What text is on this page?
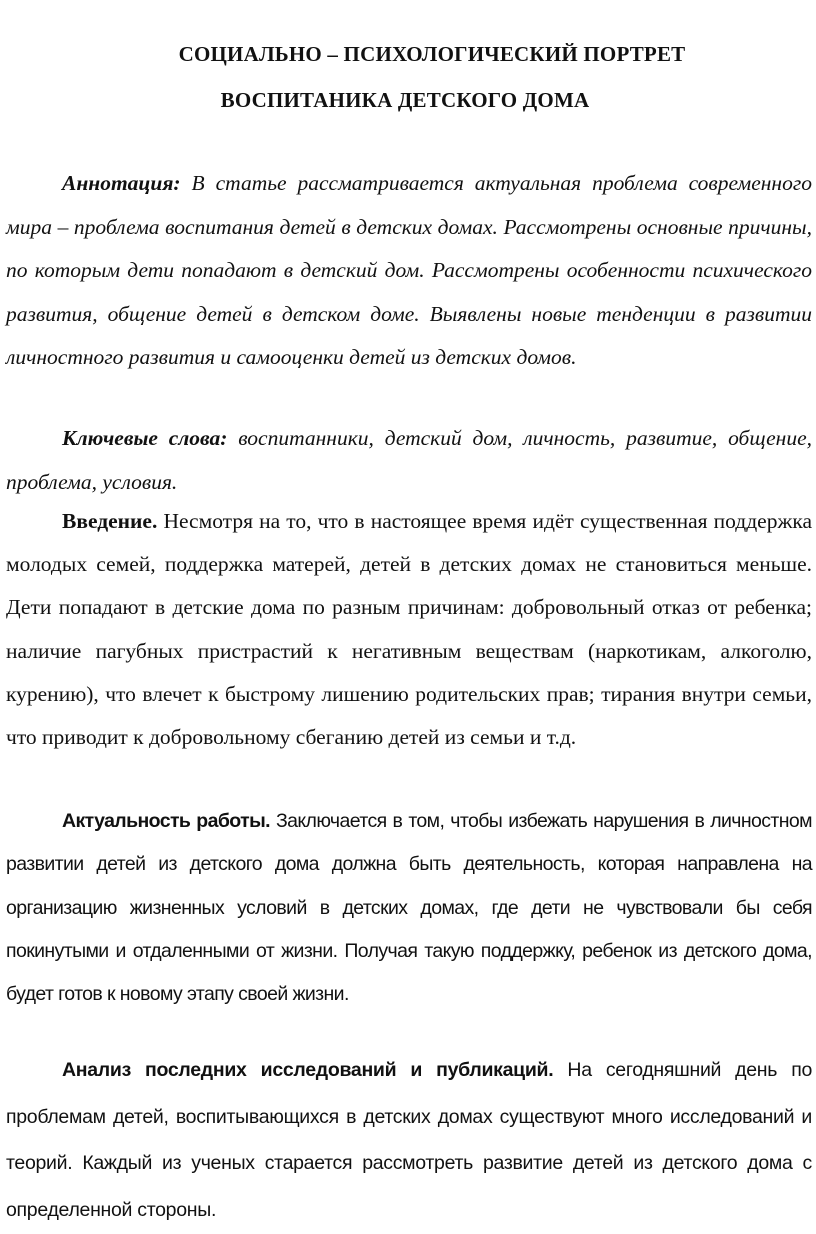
СОЦИАЛЬНО – ПСИХОЛОГИЧЕСКИЙ ПОРТРЕТ
ВОСПИТАНИКА ДЕТСКОГО ДОМА

Аннотация: В статье рассматривается актуальная проблема современного мира – проблема воспитания детей в детских домах. Рассмотрены основные причины, по которым дети попадают в детский дом. Рассмотрены особенности психического развития, общение детей в детском доме. Выявлены новые тенденции в развитии личностного развития и самооценки детей из детских домов.

Ключевые слова: воспитанники, детский дом, личность, развитие, общение, проблема, условия.

Введение. Несмотря на то, что в настоящее время идёт существенная поддержка молодых семей, поддержка матерей, детей в детских домах не становиться меньше. Дети попадают в детские дома по разным причинам: добровольный отказ от ребенка; наличие пагубных пристрастий к негативным веществам (наркотикам, алкоголю, курению), что влечет к быстрому лишению родительских прав; тирания внутри семьи, что приводит к добровольному сбеганию детей из семьи и т.д.

Актуальность работы. Заключается в том, чтобы избежать нарушения в личностном развитии детей из детского дома должна быть деятельность, которая направлена на организацию жизненных условий в детских домах, где дети не чувствовали бы себя покинутыми и отдаленными от жизни. Получая такую поддержку, ребенок из детского дома, будет готов к новому этапу своей жизни.

Анализ последних исследований и публикаций. На сегодняшний день по проблемам детей, воспитывающихся в детских домах существуют много исследований и теорий. Каждый из ученых старается рассмотреть развитие детей из детского дома с определенной стороны.
